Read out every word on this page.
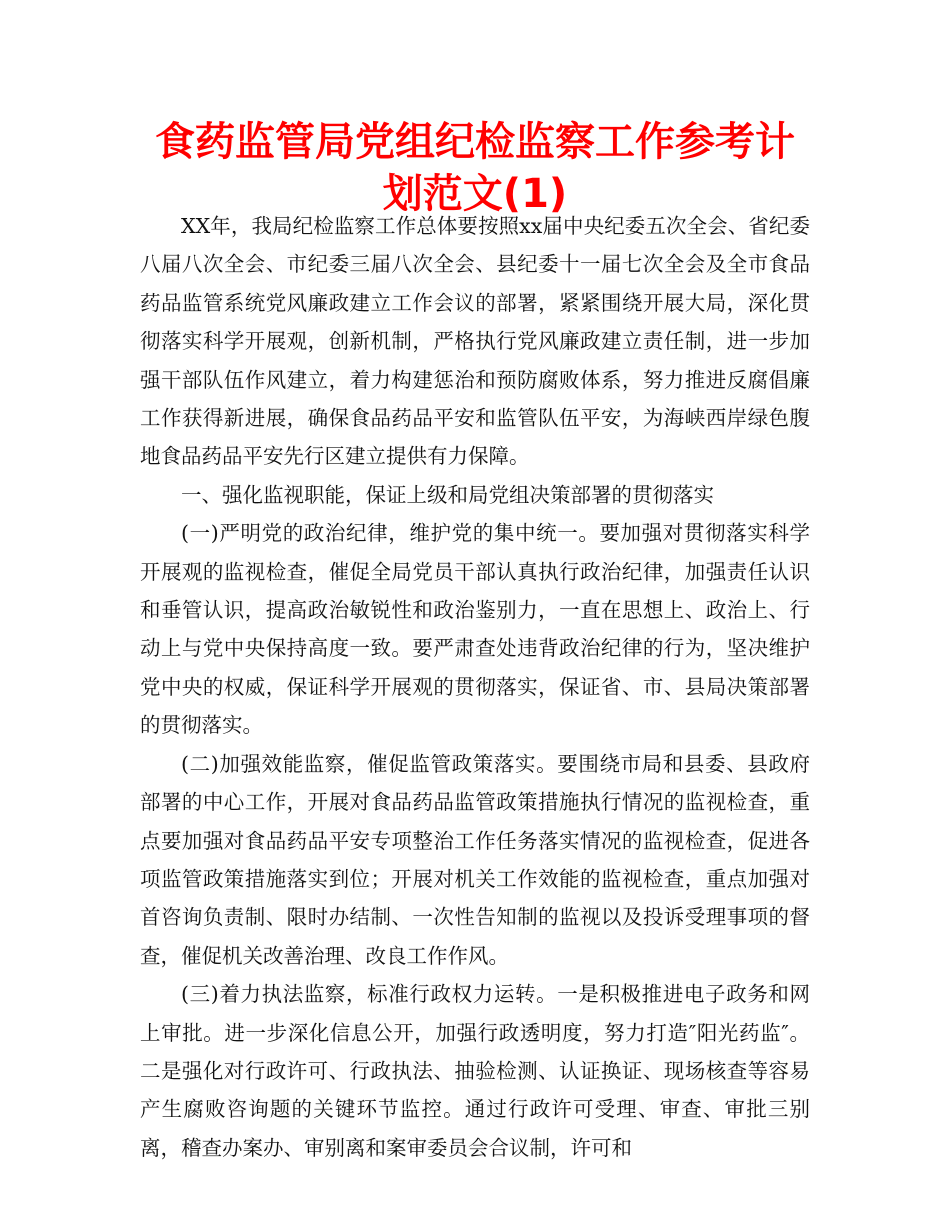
食药监管局党组纪检监察工作参考计划范文(1)

XX年，我局纪检监察工作总体要按照xx届中央纪委五次全会、省纪委八届八次全会、市纪委三届八次全会、县纪委十一届七次全会及全市食品药品监管系统党风廉政建立工作会议的部署，紧紧围绕开展大局，深化贯彻落实科学开展观，创新机制，严格执行党风廉政建立责任制，进一步加强干部队伍作风建立，着力构建惩治和预防腐败体系，努力推进反腐倡廉工作获得新进展，确保食品药品平安和监管队伍平安，为海峡西岸绿色腹地食品药品平安先行区建立提供有力保障。

一、强化监视职能，保证上级和局党组决策部署的贯彻落实

(一)严明党的政治纪律，维护党的集中统一。要加强对贯彻落实科学开展观的监视检查，催促全局党员干部认真执行政治纪律，加强责任认识和垂管认识，提高政治敏锐性和政治鉴别力，一直在思想上、政治上、行动上与党中央保持高度一致。要严肃查处违背政治纪律的行为，坚决维护党中央的权威，保证科学开展观的贯彻落实，保证省、市、县局决策部署的贯彻落实。

(二)加强效能监察，催促监管政策落实。要围绕市局和县委、县政府部署的中心工作，开展对食品药品监管政策措施执行情况的监视检查，重点要加强对食品药品平安专项整治工作任务落实情况的监视检查，促进各项监管政策措施落实到位；开展对机关工作效能的监视检查，重点加强对首咨询负责制、限时办结制、一次性告知制的监视以及投诉受理事项的督查，催促机关改善治理、改良工作作风。

(三)着力执法监察，标准行政权力运转。一是积极推进电子政务和网上审批。进一步深化信息公开，加强行政透明度，努力打造″阳光药监″。二是强化对行政许可、行政执法、抽验检测、认证换证、现场核查等容易产生腐败咨询题的关键环节监控。通过行政许可受理、审查、审批三别离，稽查办案办、审别离和案审委员会合议制，许可和
